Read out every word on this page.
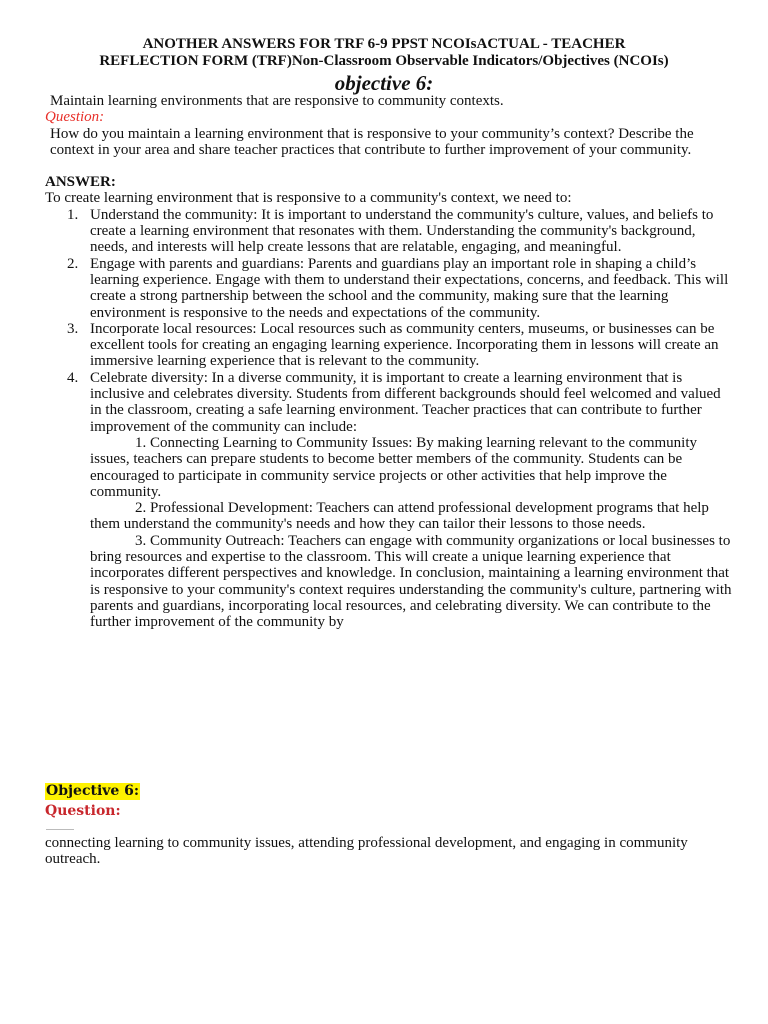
ANOTHER ANSWERS FOR TRF 6-9 PPST NCOIsACTUAL - TEACHER
REFLECTION FORM (TRF)Non-Classroom Observable Indicators/Objectives (NCOIs)
objective 6:
Maintain learning environments that are responsive to community contexts.
Question:
How do you maintain a learning environment that is responsive to your community’s context? Describe the context in your area and share teacher practices that contribute to further improvement of your community.
ANSWER:
To create learning environment that is responsive to a community's context, we need to:
1. Understand the community: It is important to understand the community's culture, values, and beliefs to create a learning environment that resonates with them. Understanding the community's background, needs, and interests will help create lessons that are relatable, engaging, and meaningful.
2. Engage with parents and guardians: Parents and guardians play an important role in shaping a child’s learning experience. Engage with them to understand their expectations, concerns, and feedback. This will create a strong partnership between the school and the community, making sure that the learning environment is responsive to the needs and expectations of the community.
3. Incorporate local resources: Local resources such as community centers, museums, or businesses can be excellent tools for creating an engaging learning experience. Incorporating them in lessons will create an immersive learning experience that is relevant to the community.
4. Celebrate diversity: In a diverse community, it is important to create a learning environment that is inclusive and celebrates diversity. Students from different backgrounds should feel welcomed and valued in the classroom, creating a safe learning environment. Teacher practices that can contribute to further improvement of the community can include:
1. Connecting Learning to Community Issues: By making learning relevant to the community issues, teachers can prepare students to become better members of the community. Students can be encouraged to participate in community service projects or other activities that help improve the community.
2. Professional Development: Teachers can attend professional development programs that help them understand the community's needs and how they can tailor their lessons to those needs.
3. Community Outreach: Teachers can engage with community organizations or local businesses to bring resources and expertise to the classroom. This will create a unique learning experience that incorporates different perspectives and knowledge. In conclusion, maintaining a learning environment that is responsive to your community's context requires understanding the community's culture, partnering with parents and guardians, incorporating local resources, and celebrating diversity. We can contribute to the further improvement of the community by
Objective 6:
Question:
connecting learning to community issues, attending professional development, and engaging in community outreach.
